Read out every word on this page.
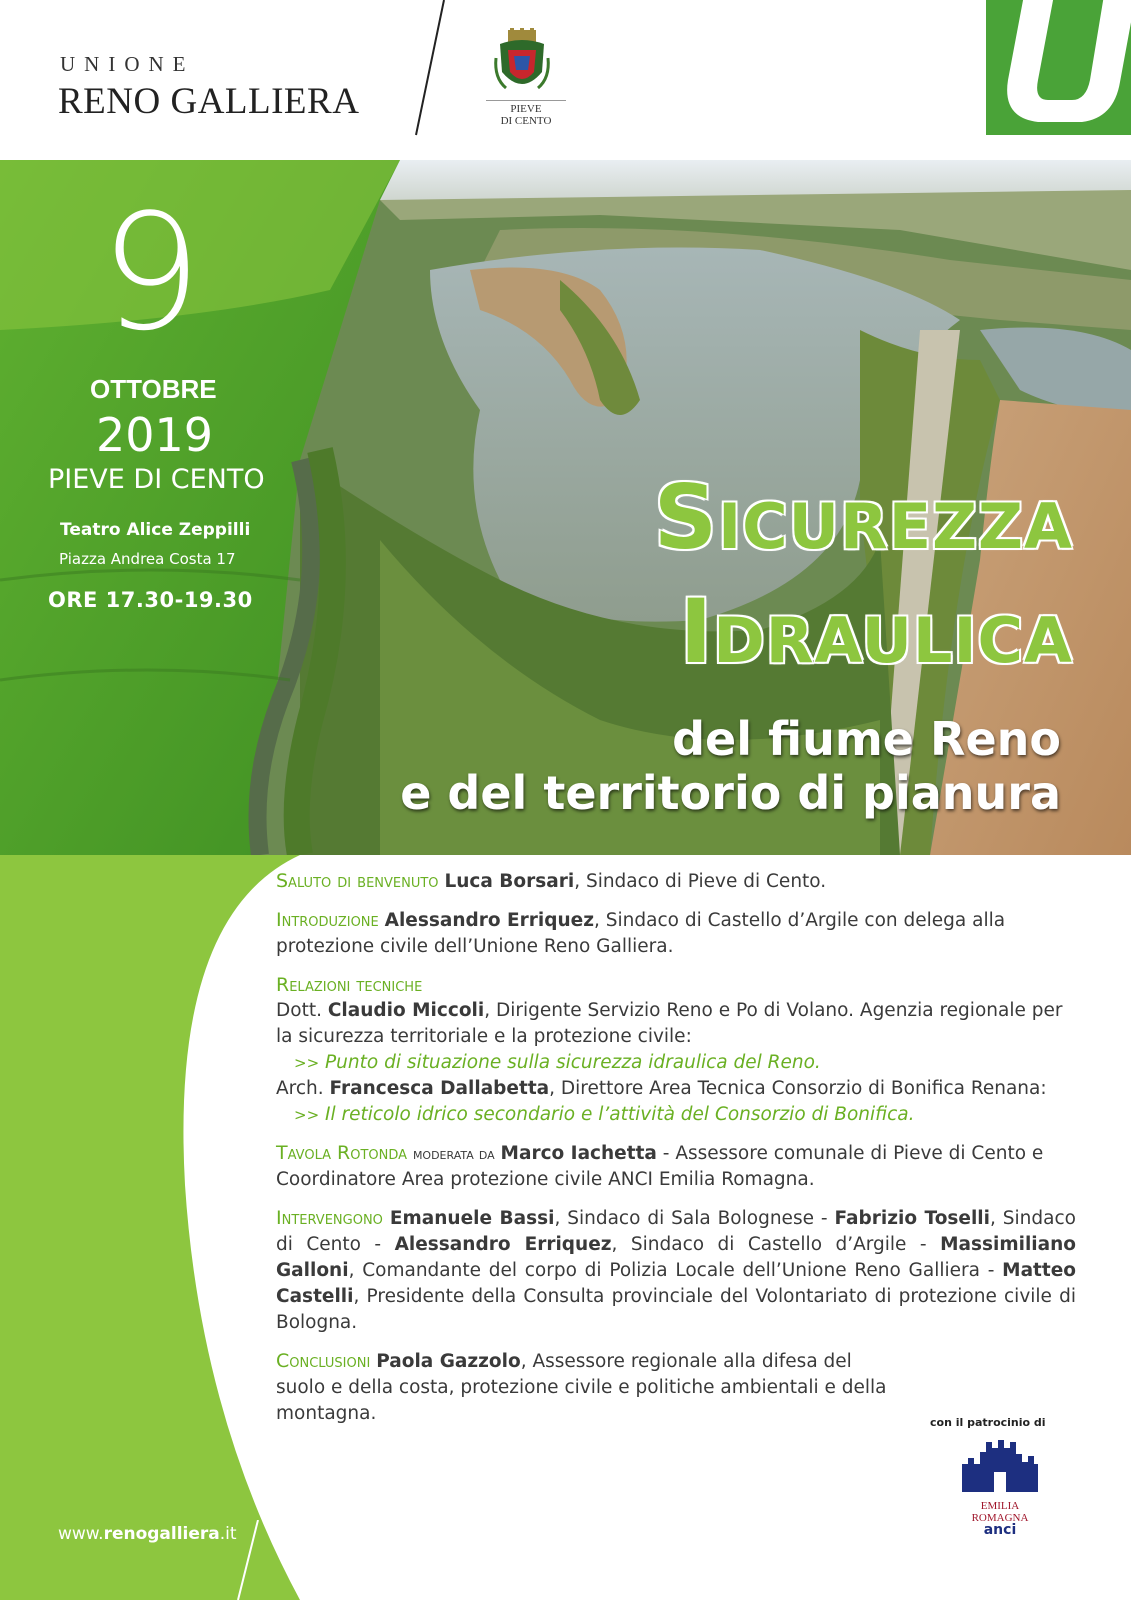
UNIONE
RENO GALLIERA	PIEVE
DI CENTO
9
OTTOBRE
2019
PIEVE DI CENTO
Teatro Alice Zeppilli
Piazza Andrea Costa 17
ORE 17.30-19.30
Sicurezza
Idraulica
del fiume Reno
e del territorio di pianura
Saluto di benvenuto Luca Borsari, Sindaco di Pieve di Cento.
Introduzione Alessandro Erriquez, Sindaco di Castello d’Argile con delega alla protezione civile dell’Unione Reno Galliera.
Relazioni tecniche
Dott. Claudio Miccoli, Dirigente Servizio Reno e Po di Volano. Agenzia regionale per la sicurezza territoriale e la protezione civile:
>> Punto di situazione sulla sicurezza idraulica del Reno.
Arch. Francesca Dallabetta, Direttore Area Tecnica Consorzio di Bonifica Renana:
>> Il reticolo idrico secondario e l’attività del Consorzio di Bonifica.
Tavola Rotonda moderata da Marco Iachetta - Assessore comunale di Pieve di Cento e Coordinatore Area protezione civile ANCI Emilia Romagna.
Intervengono Emanuele Bassi, Sindaco di Sala Bolognese - Fabrizio Toselli, Sindaco di Cento - Alessandro Erriquez, Sindaco di Castello d’Argile - Massimiliano Galloni, Comandante del corpo di Polizia Locale dell’Unione Reno Galliera - Matteo Castelli, Presidente della Consulta provinciale del Volontariato di protezione civile di Bologna.
Conclusioni Paola Gazzolo, Assessore regionale alla difesa del suolo e della costa, protezione civile e politiche ambientali e della montagna.
www.renogalliera.it
con il patrocinio di
EMILIA
ROMAGNA
anci
